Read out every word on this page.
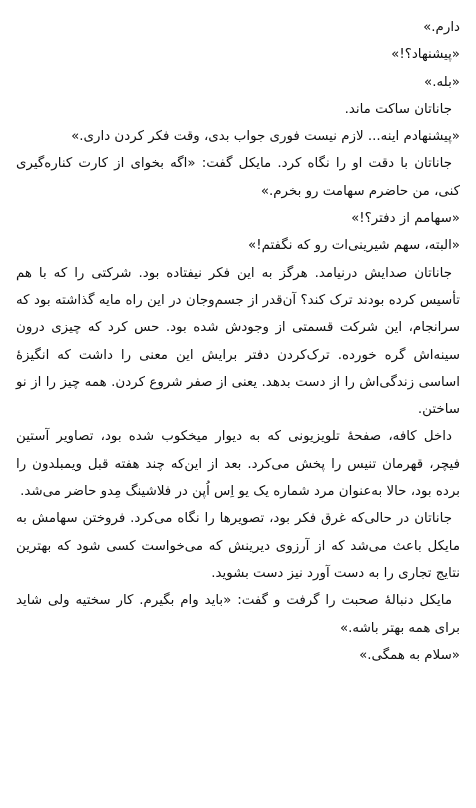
دارم.»

«پیشنهاد؟!»

«بله.»

جاناتان ساکت ماند.

«پیشنهادم اینه... لازم نیست فوری جواب بدی، وقت فکر کردن داری.»

جاناتان با دقت او را نگاه کرد. مایکل گفت: «اگه بخوای از کارت کناره‌گیری کنی، من حاضرم سهامت رو بخرم.»

«سهامم از دفتر؟!»

«البته، سهم شیرینی‌ات رو که نگفتم!»

جاناتان صدایش درنیامد. هرگز به این فکر نیفتاده بود. شرکتی را که با هم تأسیس کرده بودند ترک کند؟ آن‌قدر از جسم‌وجان در این راه مایه گذاشته بود که سرانجام، این شرکت قسمتی از وجودش شده بود. حس کرد که چیزی درون سینه‌اش گره خورده. ترک‌کردن دفتر برایش این معنی را داشت که انگیزهٔ اساسی زندگی‌اش را از دست بدهد. یعنی از صفر شروع کردن. همه چیز را از نو ساختن.

داخل کافه، صفحهٔ تلویزیونی که به دیوار میخکوب شده بود، تصاویر آستین فیچر، قهرمان تنیس را پخش می‌کرد. بعد از این‌که چند هفته قبل ویمبلدون را برده بود، حالا به‌عنوان مرد شماره یک یو اِس اُپن در فلاشینگ مِدو حاضر می‌شد.

جاناتان در حالی‌که غرق فکر بود، تصویرها را نگاه می‌کرد. فروختن سهامش به مایکل باعث می‌شد که از آرزوی دیرینش که می‌خواست کسی شود که بهترین نتایج تجاری را به دست آورد نیز دست بشوید.

مایکل دنبالهٔ صحبت را گرفت و گفت: «باید وام بگیرم. کار سختیه ولی شاید برای همه بهتر باشه.»

«سلام به همگی.»
